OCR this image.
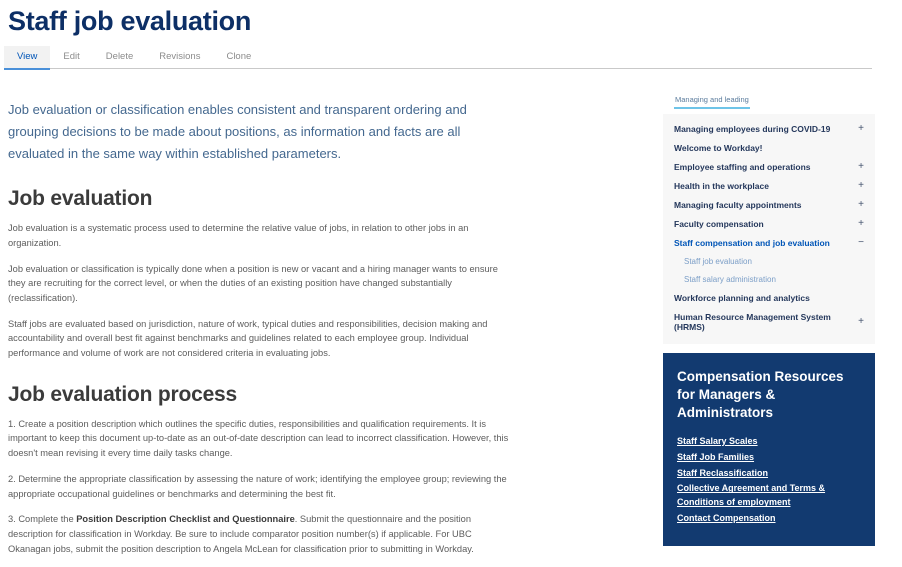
Staff job evaluation
View	Edit	Delete	Revisions	Clone

Job evaluation or classification enables consistent and transparent ordering and grouping decisions to be made about positions, as information and facts are all evaluated in the same way within established parameters.

Job evaluation

Job evaluation is a systematic process used to determine the relative value of jobs, in relation to other jobs in an organization.

Job evaluation or classification is typically done when a position is new or vacant and a hiring manager wants to ensure they are recruiting for the correct level, or when the duties of an existing position have changed substantially (reclassification).

Staff jobs are evaluated based on jurisdiction, nature of work, typical duties and responsibilities, decision making and accountability and overall best fit against benchmarks and guidelines related to each employee group. Individual performance and volume of work are not considered criteria in evaluating jobs.

Job evaluation process

1. Create a position description which outlines the specific duties, responsibilities and qualification requirements. It is important to keep this document up-to-date as an out-of-date description can lead to incorrect classification. However, this doesn't mean revising it every time daily tasks change.

2. Determine the appropriate classification by assessing the nature of work; identifying the employee group; reviewing the appropriate occupational guidelines or benchmarks and determining the best fit.

3. Complete the Position Description Checklist and Questionnaire. Submit the questionnaire and the position description for classification in Workday. Be sure to include comparator position number(s) if applicable. For UBC Okanagan jobs, submit the position description to Angela McLean for classification prior to submitting in Workday.

Managing and leading
Managing employees during COVID-19	+
Welcome to Workday!
Employee staffing and operations	+
Health in the workplace	+
Managing faculty appointments	+
Faculty compensation	+
Staff compensation and job evaluation	−
Staff job evaluation
Staff salary administration
Workforce planning and analytics
Human Resource Management System (HRMS)	+
Compensation Resources for Managers & Administrators
Staff Salary Scales
Staff Job Families
Staff Reclassification
Collective Agreement and Terms & Conditions of employment
Contact Compensation
